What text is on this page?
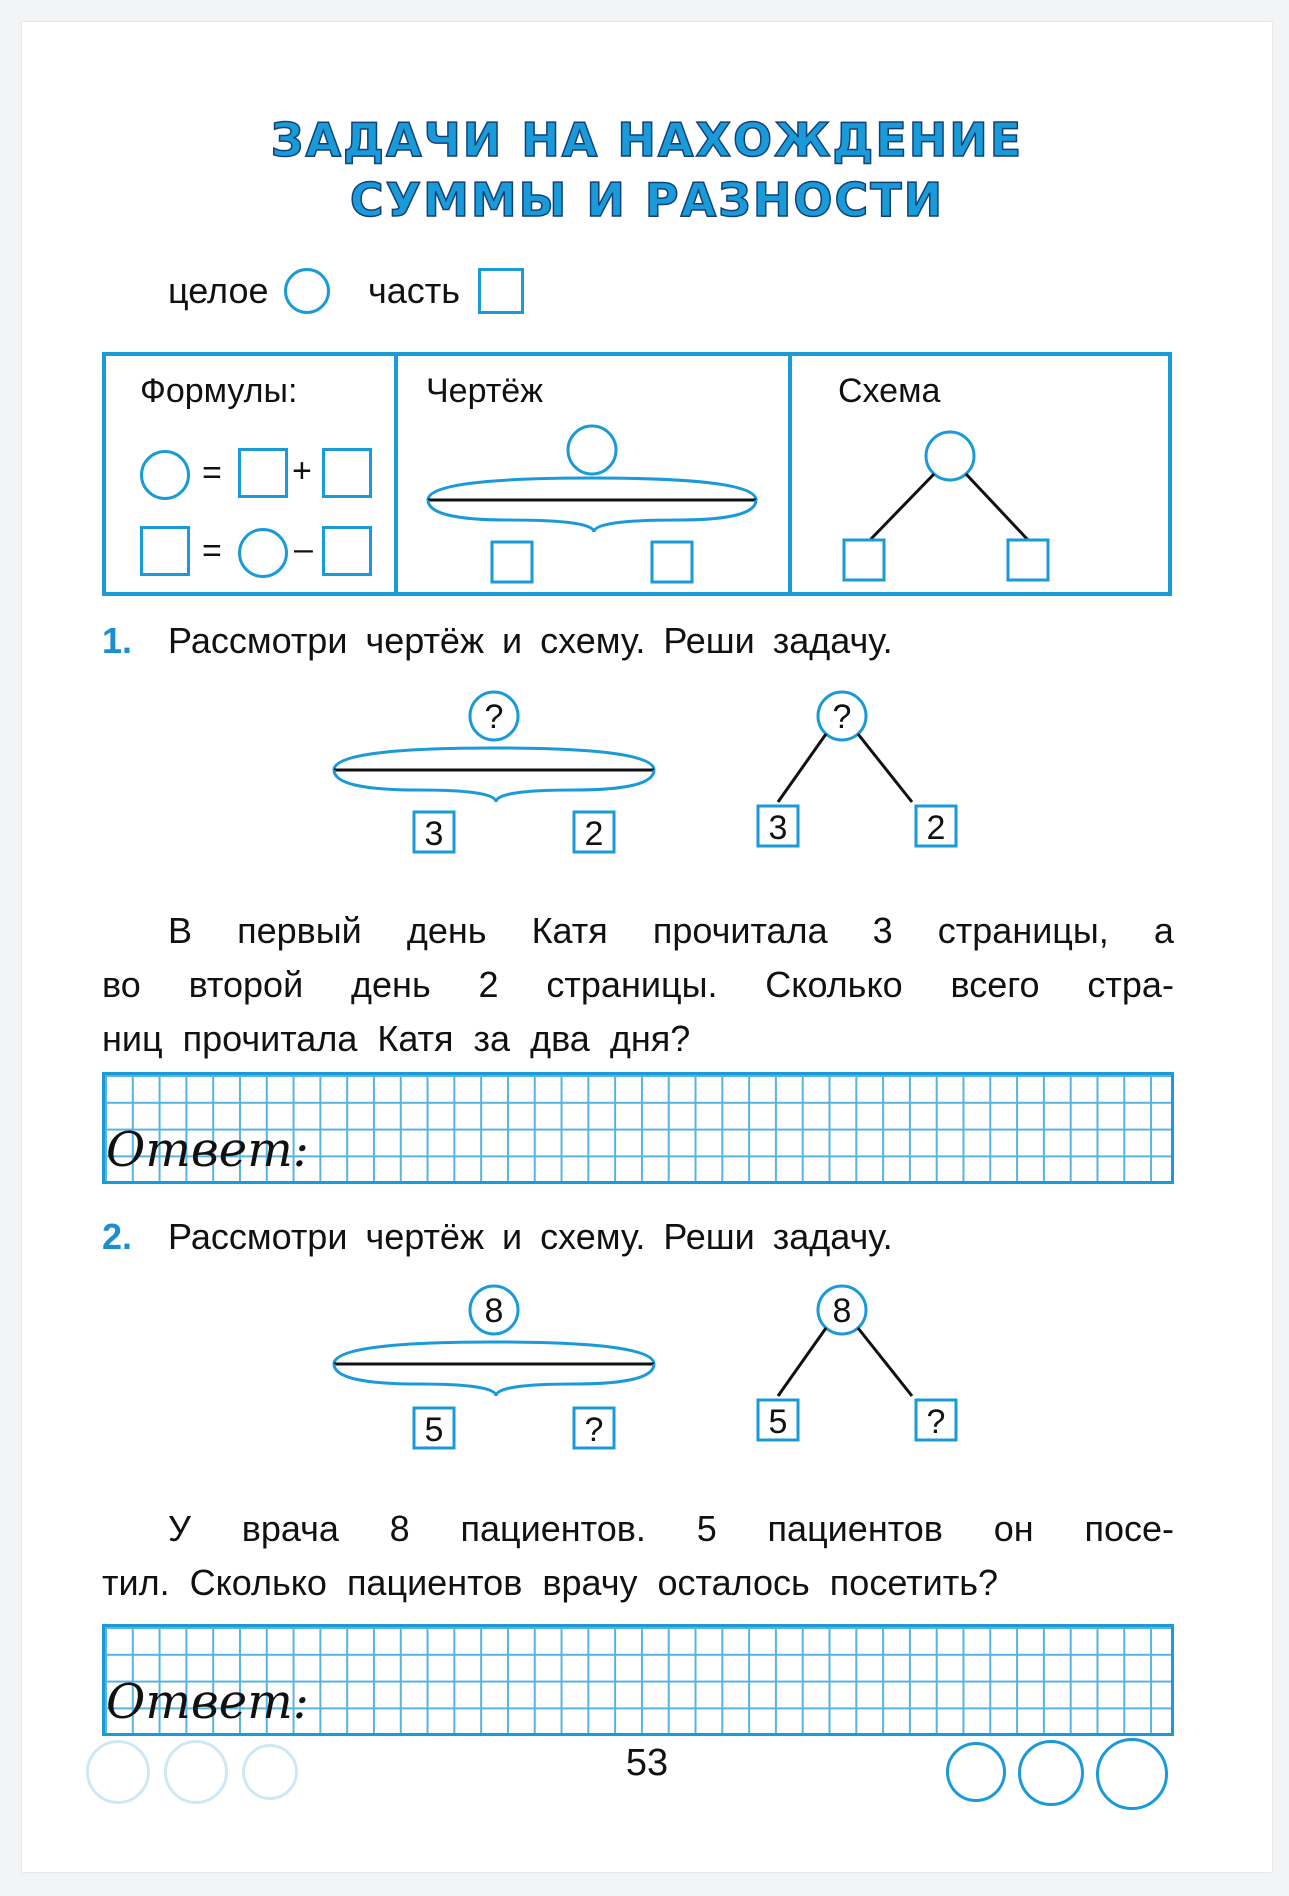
ЗАДАЧИ НА НАХОЖДЕНИЕ
СУММЫ И РАЗНОСТИ
целое	часть
Формулы:	Чертёж	Схема
= +
= –
1. Рассмотри чертёж и схему. Реши задачу.
?
3	2
?
3	2
В первый день Катя прочитала 3 страницы, а
во второй день 2 страницы. Сколько всего стра-
ниц прочитала Катя за два дня?
Ответ:
2. Рассмотри чертёж и схему. Реши задачу.
8
5	?
8
5	?
У врача 8 пациентов. 5 пациентов он посе-
тил. Сколько пациентов врачу осталось посетить?
Ответ:
53
